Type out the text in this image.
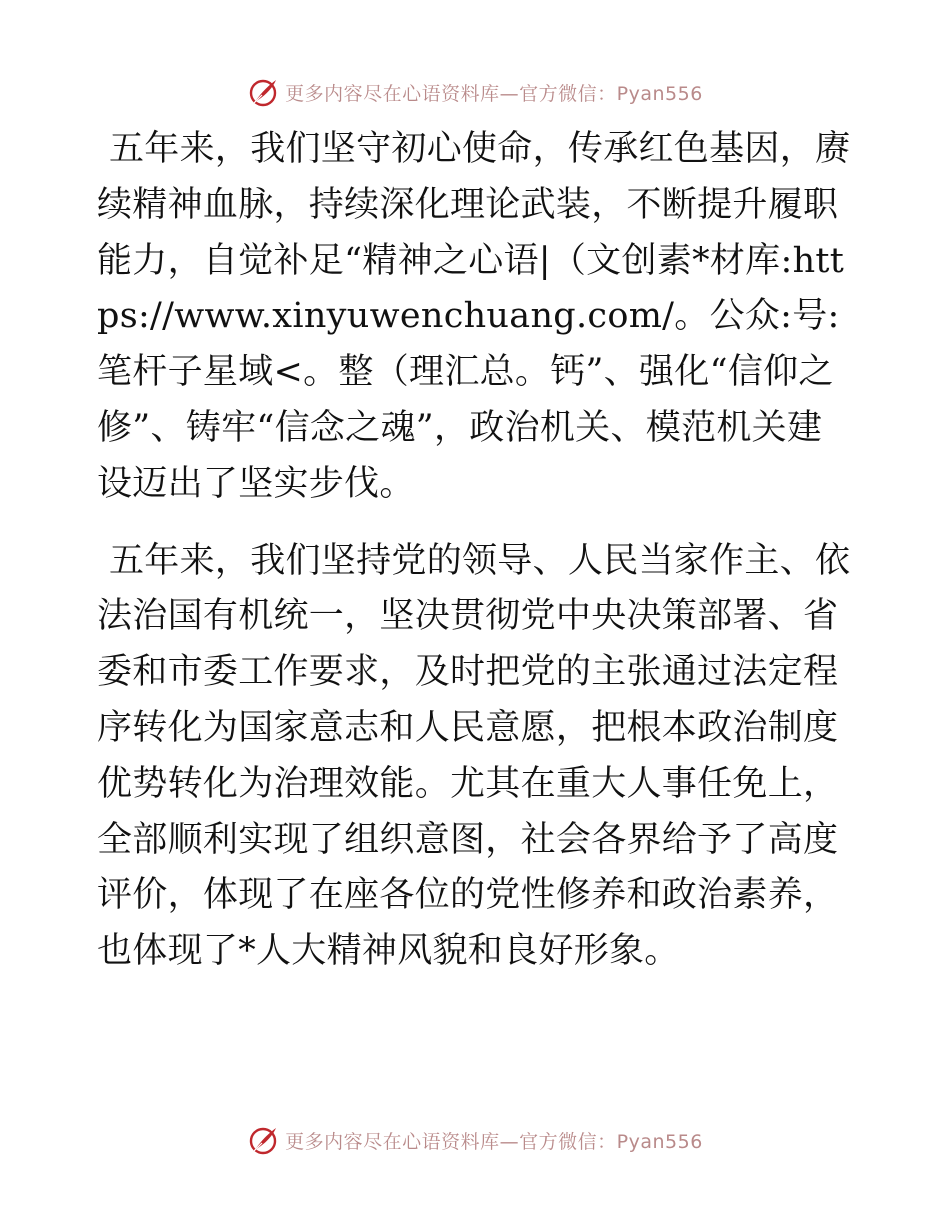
更多内容尽在心语资料库—官方微信：Pyan556

五年来，我们坚守初心使命，传承红色基因，赓续精神血脉，持续深化理论武装，不断提升履职能力，自觉补足“精神之心语|（文创素*材库:https://www.xinyuwenchuang.com/。公众:号: 笔杆子星域<。整（理汇总。钙”、强化“信仰之修”、铸牢“信念之魂”，政治机关、模范机关建设迈出了坚实步伐。

五年来，我们坚持党的领导、人民当家作主、依法治国有机统一，坚决贯彻党中央决策部署、省委和市委工作要求，及时把党的主张通过法定程序转化为国家意志和人民意愿，把根本政治制度优势转化为治理效能。尤其在重大人事任免上，全部顺利实现了组织意图，社会各界给予了高度评价，体现了在座各位的党性修养和政治素养，也体现了*人大精神风貌和良好形象。

更多内容尽在心语资料库—官方微信：Pyan556
